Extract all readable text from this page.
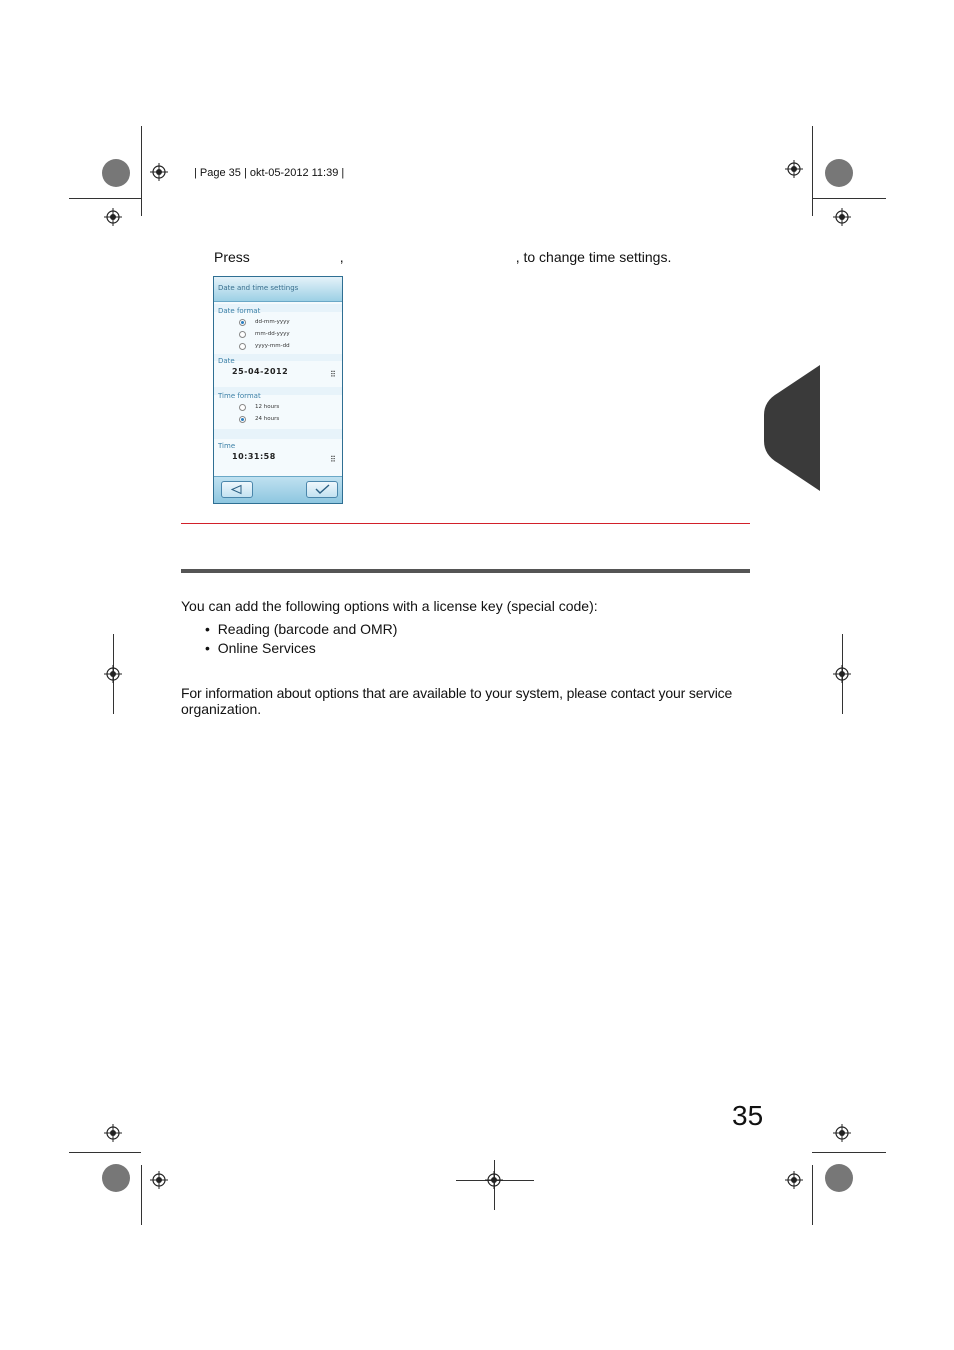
| Page 35 | okt-05-2012 11:39 |
Press	,	, to change time settings.
Date and time settings
Date format
dd-mm-yyyy
mm-dd-yyyy
yyyy-mm-dd
Date
25-04-2012	⠿
Time format
12 hours
24 hours
Time
10:31:58	⠿
You can add the following options with a license key (special code):
•  Reading (barcode and OMR)
•  Online Services
For information about options that are available to your system, please contact your service
organization.
35
